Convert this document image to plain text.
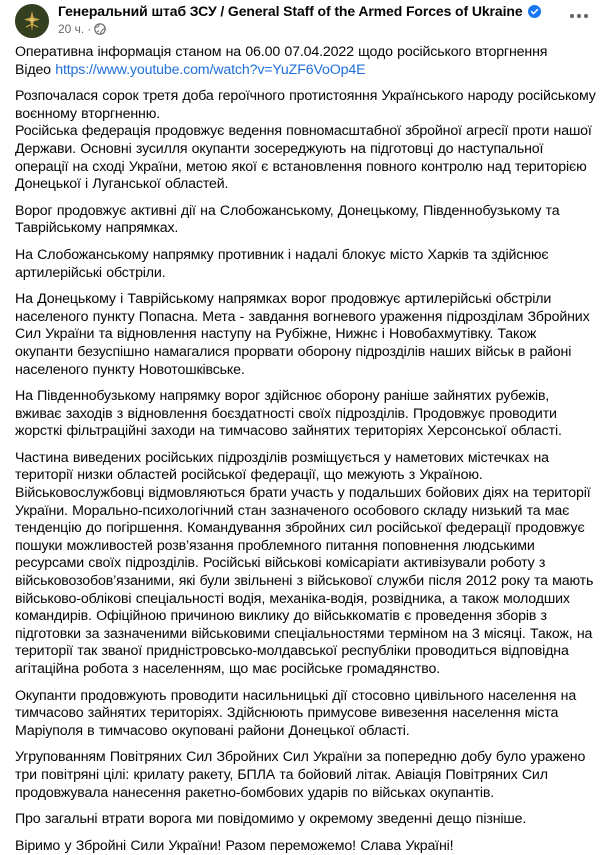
Генеральний штаб ЗСУ / General Staff of the Armed Forces of Ukraine
20 ч. ·

Оперативна інформація станом на 06.00 07.04.2022 щодо російського вторгнення
Відео https://www.youtube.com/watch?v=YuZF6VoOp4E

Розпочалася сорок третя доба героїчного протистояння Українського народу російському воєнному вторгненню.

Російська федерація продовжує ведення повномасштабної збройної агресії проти нашої Держави. Основні зусилля окупанти зосереджують на підготовці до наступальної операції на сході України, метою якої є встановлення повного контролю над територією Донецької і Луганської областей.

Ворог продовжує активні дії на Слобожанському, Донецькому, Південнобузькому та Таврійському напрямках.

На Слобожанському напрямку противник і надалі блокує місто Харків та здійснює артилерійські обстріли.

На Донецькому і Таврійському напрямках ворог продовжує артилерійські обстріли населеного пункту Попасна. Мета - завдання вогневого ураження підрозділам Збройних Сил України та відновлення наступу на Рубіжне, Нижнє і Новобахмутівку. Також окупанти безуспішно намагалися прорвати оборону підрозділів наших військ в районі населеного пункту Новотошківське.

На Південнобузькому напрямку ворог здійснює оборону раніше зайнятих рубежів, вживає заходів з відновлення боєздатності своїх підрозділів. Продовжує проводити жорсткі фільтраційні заходи на тимчасово зайнятих територіях Херсонської області.

Частина виведених російських підрозділів розміщується у наметових містечках на території низки областей російської федерації, що межують з Україною. Військовослужбовці відмовляються брати участь у подальших бойових діях на території України. Морально-психологічний стан зазначеного особового складу низький та має тенденцію до погіршення. Командування збройних сил російської федерації продовжує пошуки можливостей розв’язання проблемного питання поповнення людськими ресурсами своїх підрозділів. Російські військові комісаріати активізували роботу з військовозобов’язаними, які були звільнені з військової служби після 2012 року та мають військово-облікові спеціальності водія, механіка-водія, розвідника, а також молодших командирів. Офіційною причиною виклику до військкоматів є проведення зборів з підготовки за зазначеними військовими спеціальностями терміном на 3 місяці. Також, на території так званої придністровсько-молдавської республіки проводиться відповідна агітаційна робота з населенням, що має російське громадянство.

Окупанти продовжують проводити насильницькі дії стосовно цивільного населення на тимчасово зайнятих територіях. Здійснюють примусове вивезення населення міста Маріуполя в тимчасово окуповані райони Донецької області.

Угрупованням Повітряних Сил Збройних Сил України за попередню добу було уражено три повітряні цілі: крилату ракету, БПЛА та бойовий літак. Авіація Повітряних Сил продовжувала нанесення ракетно-бомбових ударів по військах окупантів.

Про загальні втрати ворога ми повідомимо у окремому зведенні дещо пізніше.

Віримо у Збройні Сили України! Разом переможемо! Слава Україні!
